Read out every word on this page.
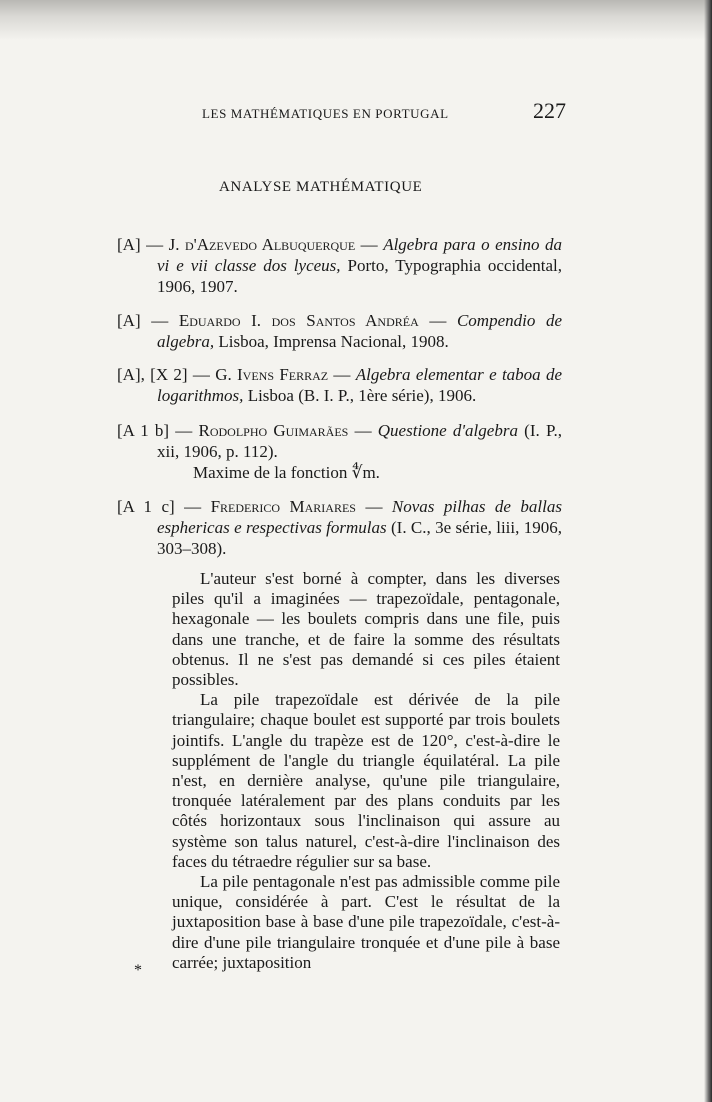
LES MATHÉMATIQUES EN PORTUGAL	227
ANALYSE MATHÉMATIQUE

[A] — J. d'Azevedo Albuquerque — Algebra para o ensino da vi e vii classe dos lyceus, Porto, Typographia occidental, 1906, 1907.

[A] — Eduardo I. dos Santos Andréa — Compendio de algebra, Lisboa, Imprensa Nacional, 1908.

[A], [X 2] — G. Ivens Ferraz — Algebra elementar e taboa de logarithmos, Lisboa (B. I. P., 1ère série), 1906.

[A 1 b] — Rodolpho Guimarães — Questione d'algebra (I. P., xii, 1906, p. 112).

Maxime de la fonction ∜m.

[A 1 c] — Frederico Mariares — Novas pilhas de ballas esphericas e respectivas formulas (I. C., 3e série, liii, 1906, 303–308).

L'auteur s'est borné à compter, dans les diverses piles qu'il a imaginées — trapezoïdale, pentagonale, hexagonale — les boulets compris dans une file, puis dans une tranche, et de faire la somme des résultats obtenus. Il ne s'est pas demandé si ces piles étaient possibles.

La pile trapezoïdale est dérivée de la pile triangulaire; chaque boulet est supporté par trois boulets jointifs. L'angle du trapèze est de 120°, c'est-à-dire le supplément de l'angle du triangle équilatéral. La pile n'est, en dernière analyse, qu'une pile triangulaire, tronquée latéralement par des plans conduits par les côtés horizontaux sous l'inclinaison qui assure au système son talus naturel, c'est-à-dire l'inclinaison des faces du tétraedre régulier sur sa base.

La pile pentagonale n'est pas admissible comme pile unique, considérée à part. C'est le résultat de la juxtaposition base à base d'une pile trapezoïdale, c'est-à-dire d'une pile triangulaire tronquée et d'une pile à base carrée; juxtaposition

*
